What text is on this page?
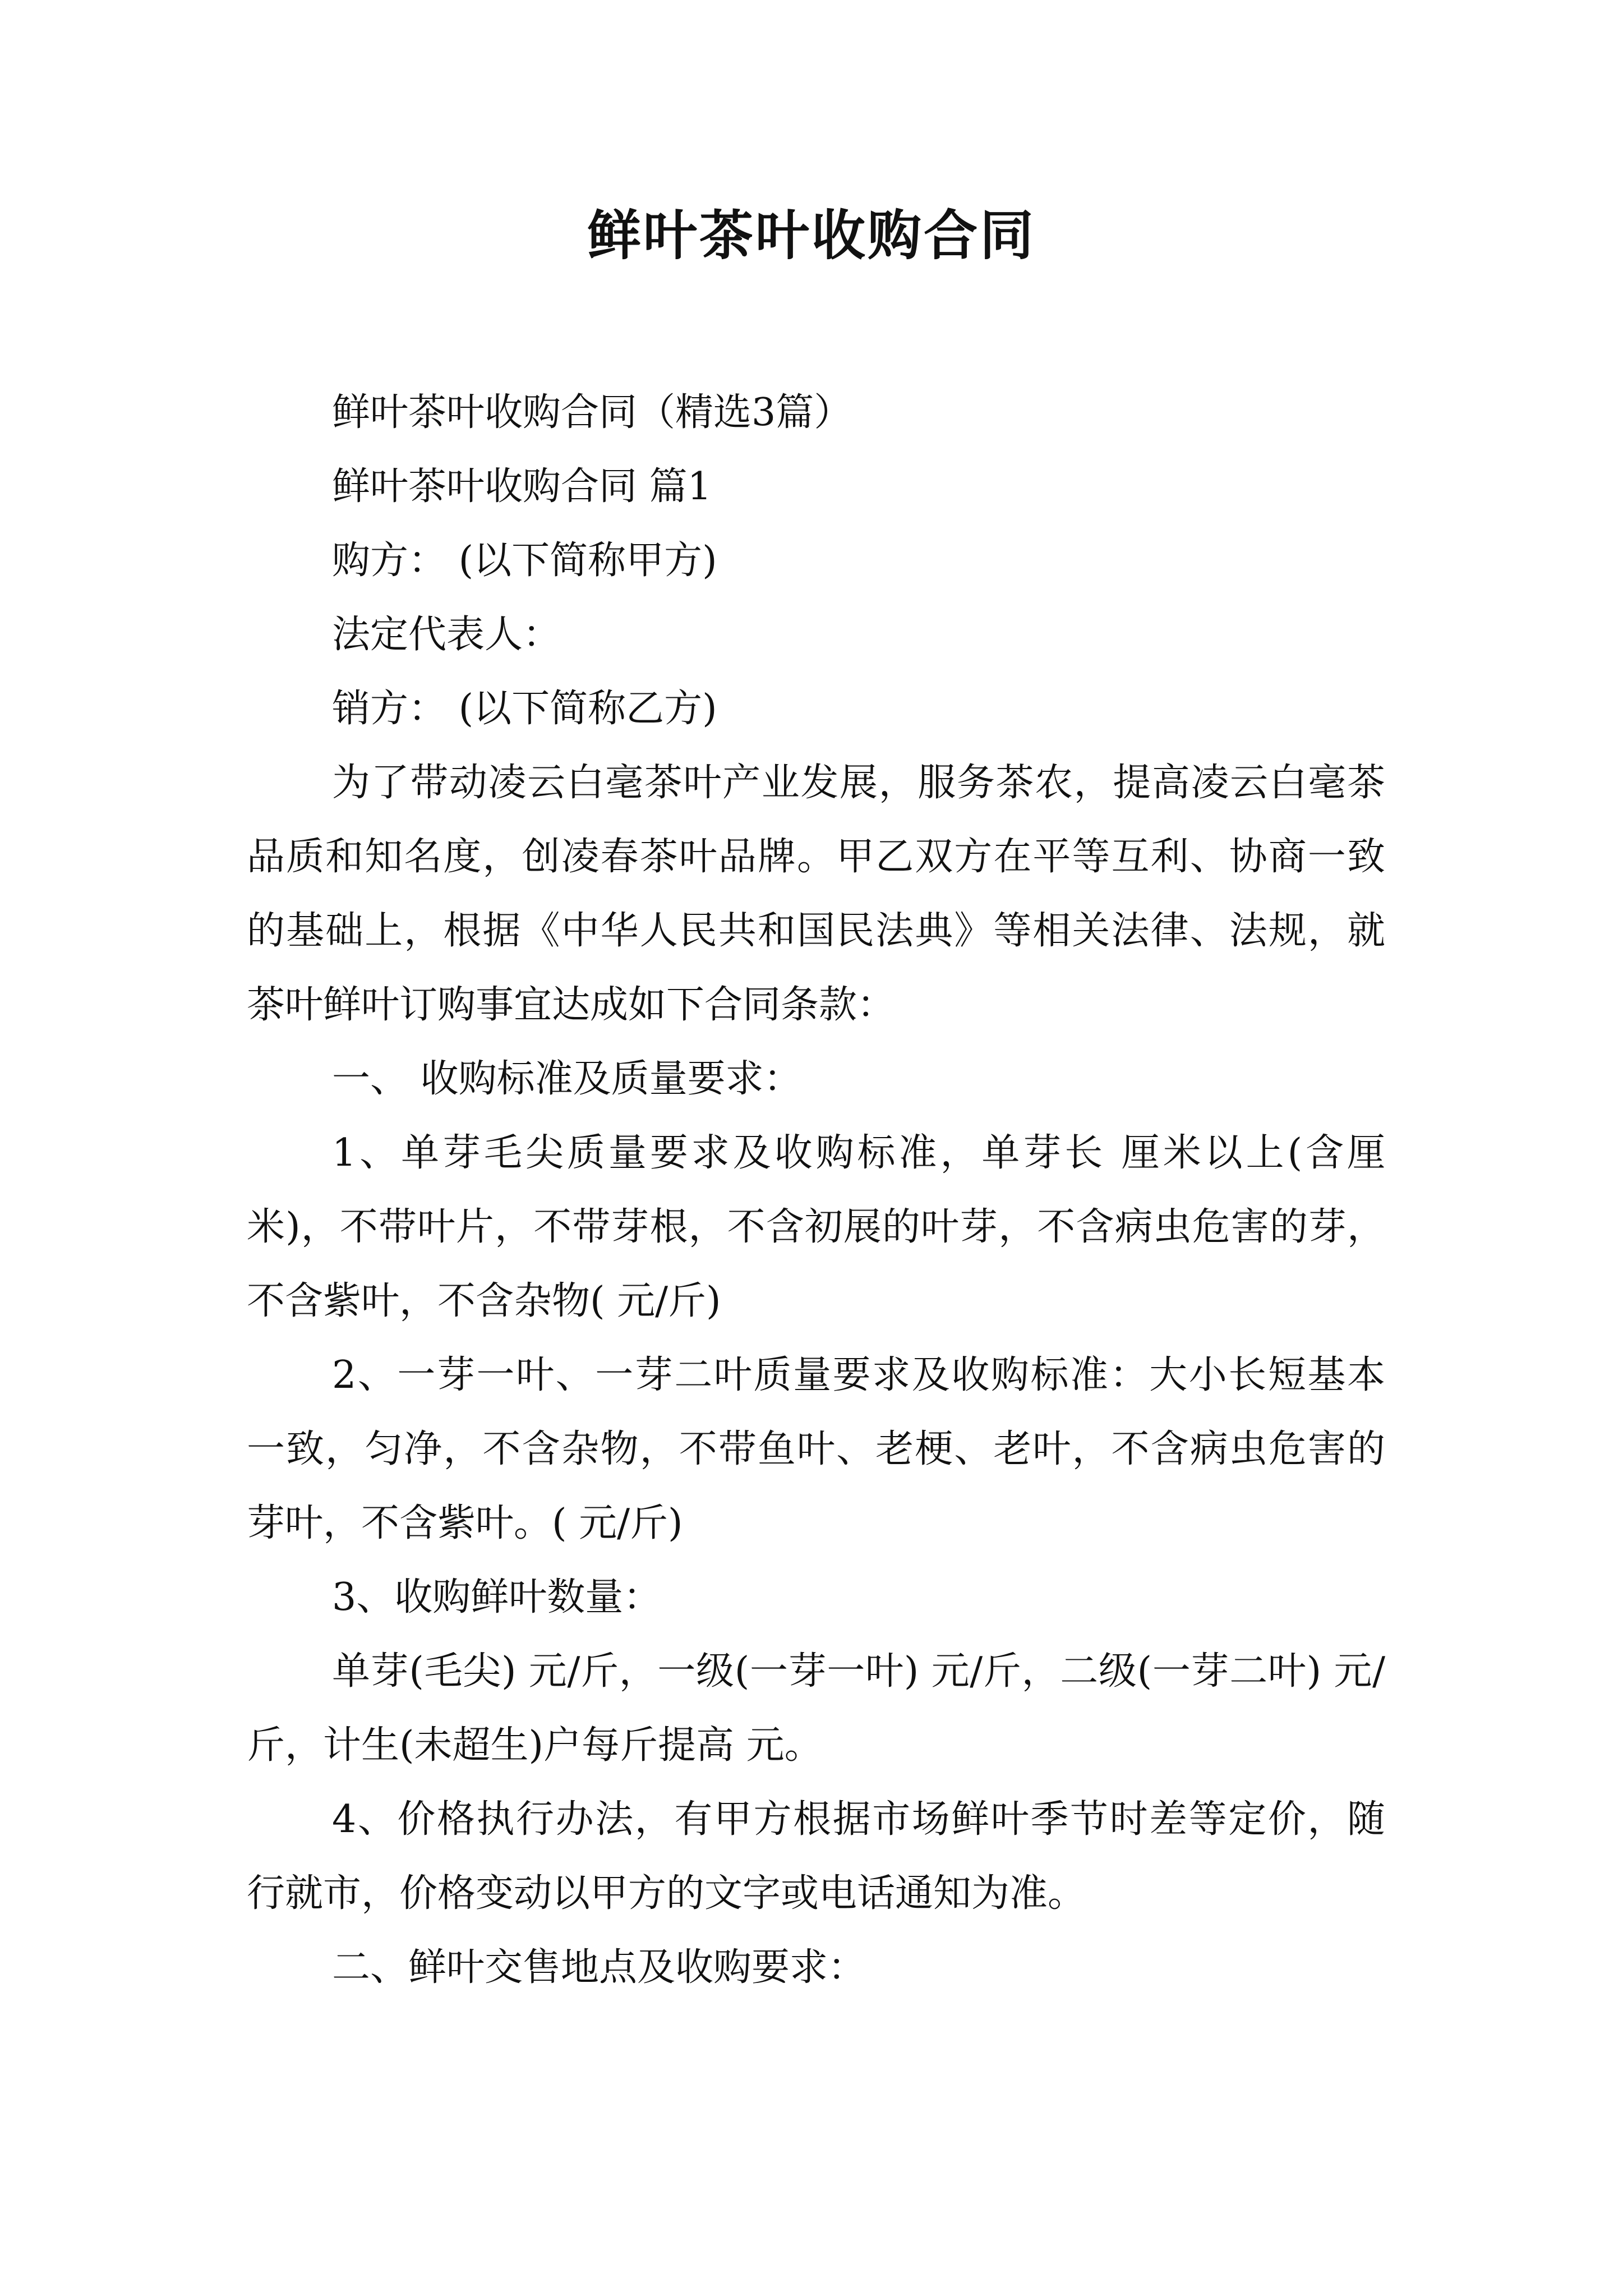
鲜叶茶叶收购合同

鲜叶茶叶收购合同（精选3篇）

鲜叶茶叶收购合同 篇1

购方： (以下简称甲方)

法定代表人：

销方： (以下简称乙方)

为了带动凌云白毫茶叶产业发展，服务茶农，提高凌云白毫茶品质和知名度，创凌春茶叶品牌。甲乙双方在平等互利、协商一致的基础上，根据《中华人民共和国民法典》等相关法律、法规，就茶叶鲜叶订购事宜达成如下合同条款：

一、 收购标准及质量要求：

1、单芽毛尖质量要求及收购标准，单芽长 厘米以上(含厘米)，不带叶片，不带芽根，不含初展的叶芽，不含病虫危害的芽，不含紫叶，不含杂物( 元/斤)

2、一芽一叶、一芽二叶质量要求及收购标准：大小长短基本一致，匀净，不含杂物，不带鱼叶、老梗、老叶，不含病虫危害的芽叶，不含紫叶。( 元/斤)

3、收购鲜叶数量：

单芽(毛尖) 元/斤，一级(一芽一叶) 元/斤，二级(一芽二叶) 元/斤，计生(未超生)户每斤提高 元。

4、价格执行办法，有甲方根据市场鲜叶季节时差等定价，随行就市，价格变动以甲方的文字或电话通知为准。

二、鲜叶交售地点及收购要求：
